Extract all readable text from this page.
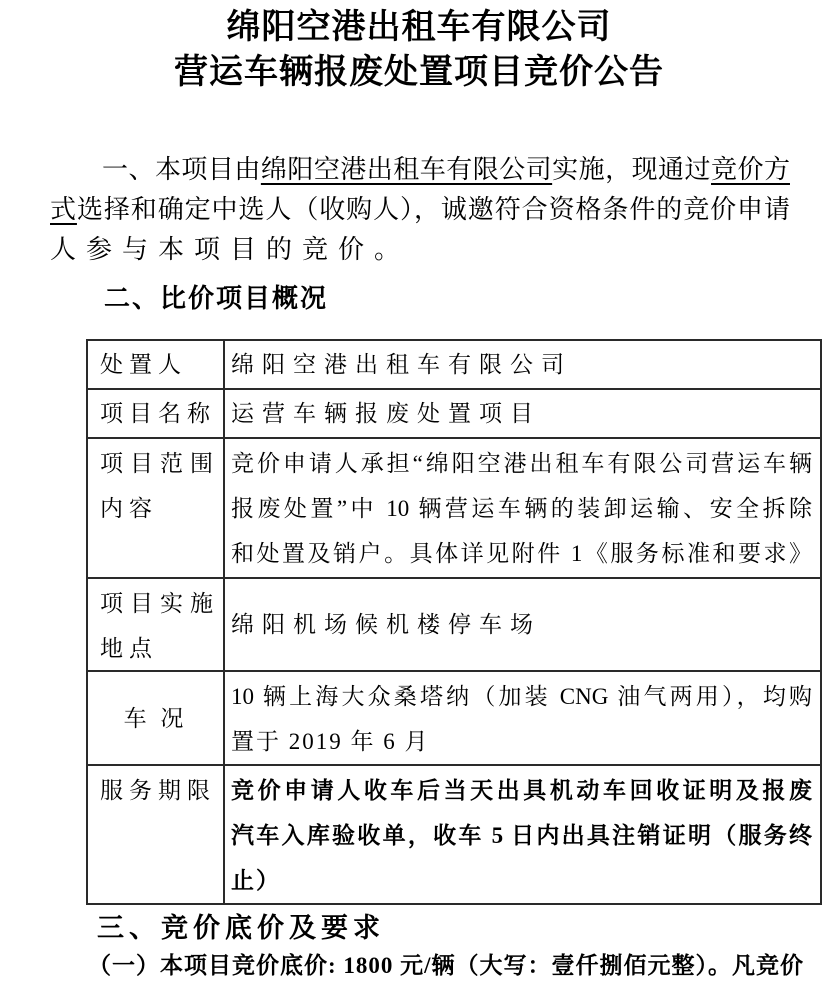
绵阳空港出租车有限公司
营运车辆报废处置项目竞价公告
一、本项目由绵阳空港出租车有限公司实施，现通过竞价方
式选择和确定中选人（收购人），诚邀符合资格条件的竞价申请
人参与本项目的竞价。
二、比价项目概况
处置人	绵阳空港出租车有限公司
项目名称 运营车辆报废处置项目
项目范围内容
竞价申请人承担“绵阳空港出租车有限公司营运车辆
报废处置”中 10 辆营运车辆的装卸运输、安全拆除
和处置及销户。具体详见附件 1《服务标准和要求》
项目实施地点
绵阳机场候机楼停车场
车 况
10 辆上海大众桑塔纳（加装 CNG 油气两用），均购
置于 2019 年 6 月
服务期限 竞价申请人收车后当天出具机动车回收证明及报废
汽车入库验收单，收车 5 日内出具注销证明（服务终
止）
三、竞价底价及要求
（一）本项目竞价底价: 1800 元/辆（大写：壹仟捌佰元整）。凡竞价
